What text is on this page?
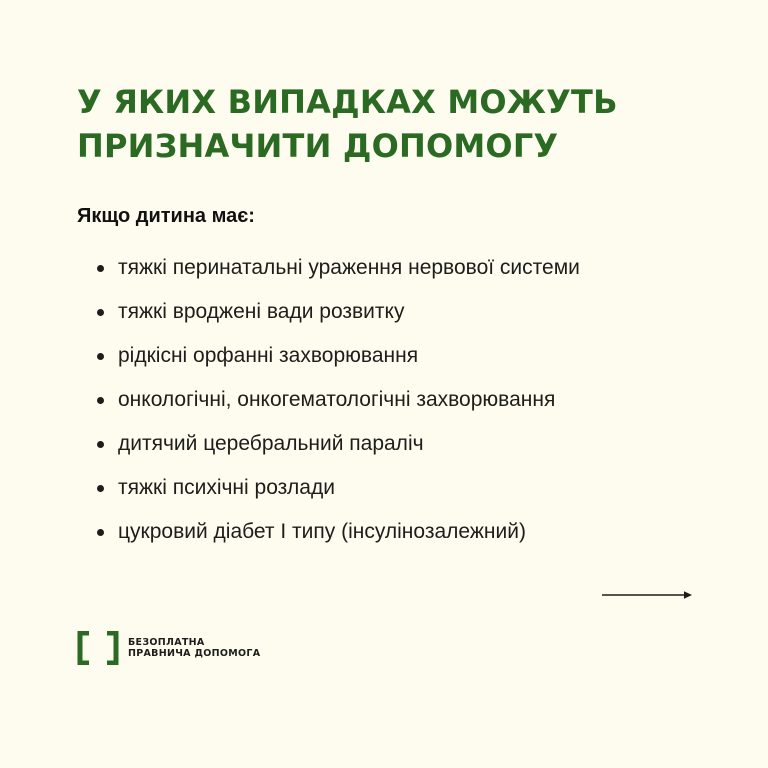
У ЯКИХ ВИПАДКАХ МОЖУТЬ
ПРИЗНАЧИТИ ДОПОМОГУ

Якщо дитина має:

тяжкі перинатальні ураження нервової системи
тяжкі вроджені вади розвитку
рідкісні орфанні захворювання
онкологічні, онкогематологічні захворювання
дитячий церебральний параліч
тяжкі психічні розлади
цукровий діабет I типу (інсулінозалежний)
БЕЗОПЛАТНА
ПРАВНИЧА ДОПОМОГА
